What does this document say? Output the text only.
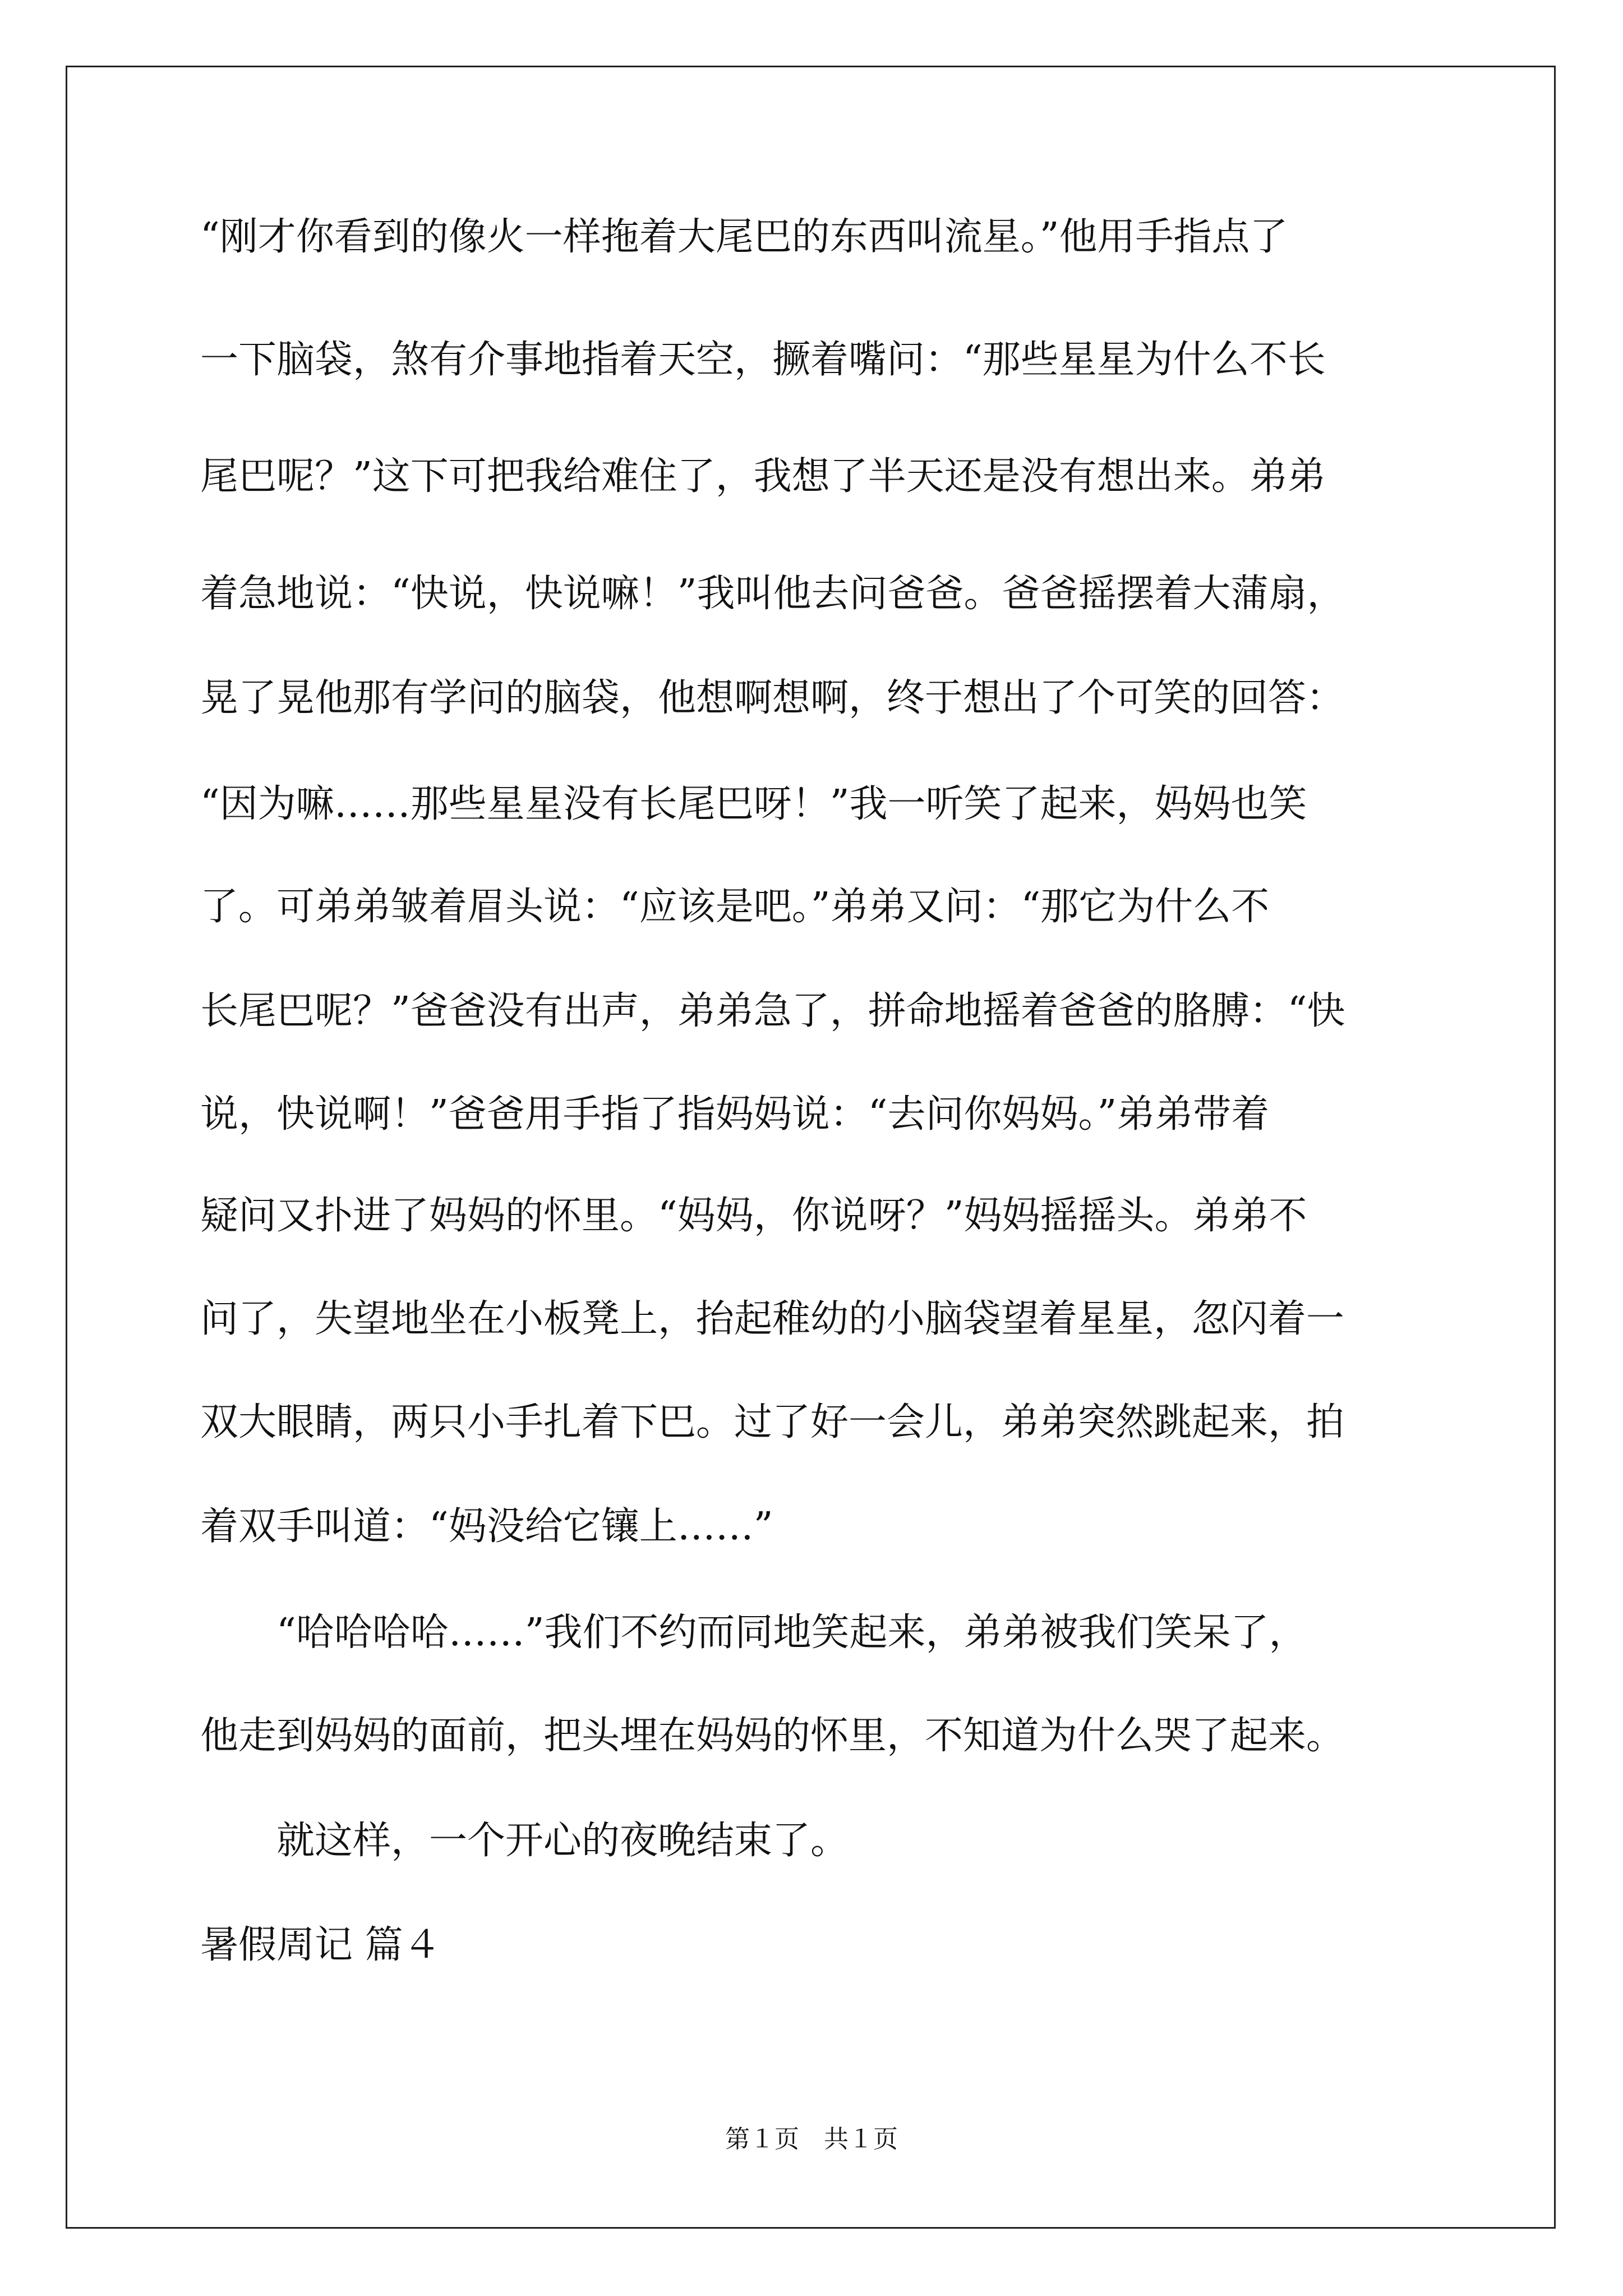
“刚才你看到的像火一样拖着大尾巴的东西叫流星。”他用手指点了
一下脑袋，煞有介事地指着天空，撅着嘴问：“那些星星为什么不长
尾巴呢？”这下可把我给难住了，我想了半天还是没有想出来。弟弟
着急地说：“快说，快说嘛！”我叫他去问爸爸。爸爸摇摆着大蒲扇，
晃了晃他那有学问的脑袋，他想啊想啊，终于想出了个可笑的回答：
“因为嘛……那些星星没有长尾巴呀！”我一听笑了起来，妈妈也笑
了。可弟弟皱着眉头说：“应该是吧。”弟弟又问：“那它为什么不
长尾巴呢？”爸爸没有出声，弟弟急了，拼命地摇着爸爸的胳膊：“快
说，快说啊！”爸爸用手指了指妈妈说：“去问你妈妈。”弟弟带着
疑问又扑进了妈妈的怀里。“妈妈，你说呀？”妈妈摇摇头。弟弟不
问了，失望地坐在小板凳上，抬起稚幼的小脑袋望着星星，忽闪着一
双大眼睛，两只小手扎着下巴。过了好一会儿，弟弟突然跳起来，拍
着双手叫道：“妈没给它镶上……”
　　“哈哈哈哈……”我们不约而同地笑起来，弟弟被我们笑呆了，
他走到妈妈的面前，把头埋在妈妈的怀里，不知道为什么哭了起来。
　　就这样，一个开心的夜晚结束了。
暑假周记 篇４
第１页　共１页
